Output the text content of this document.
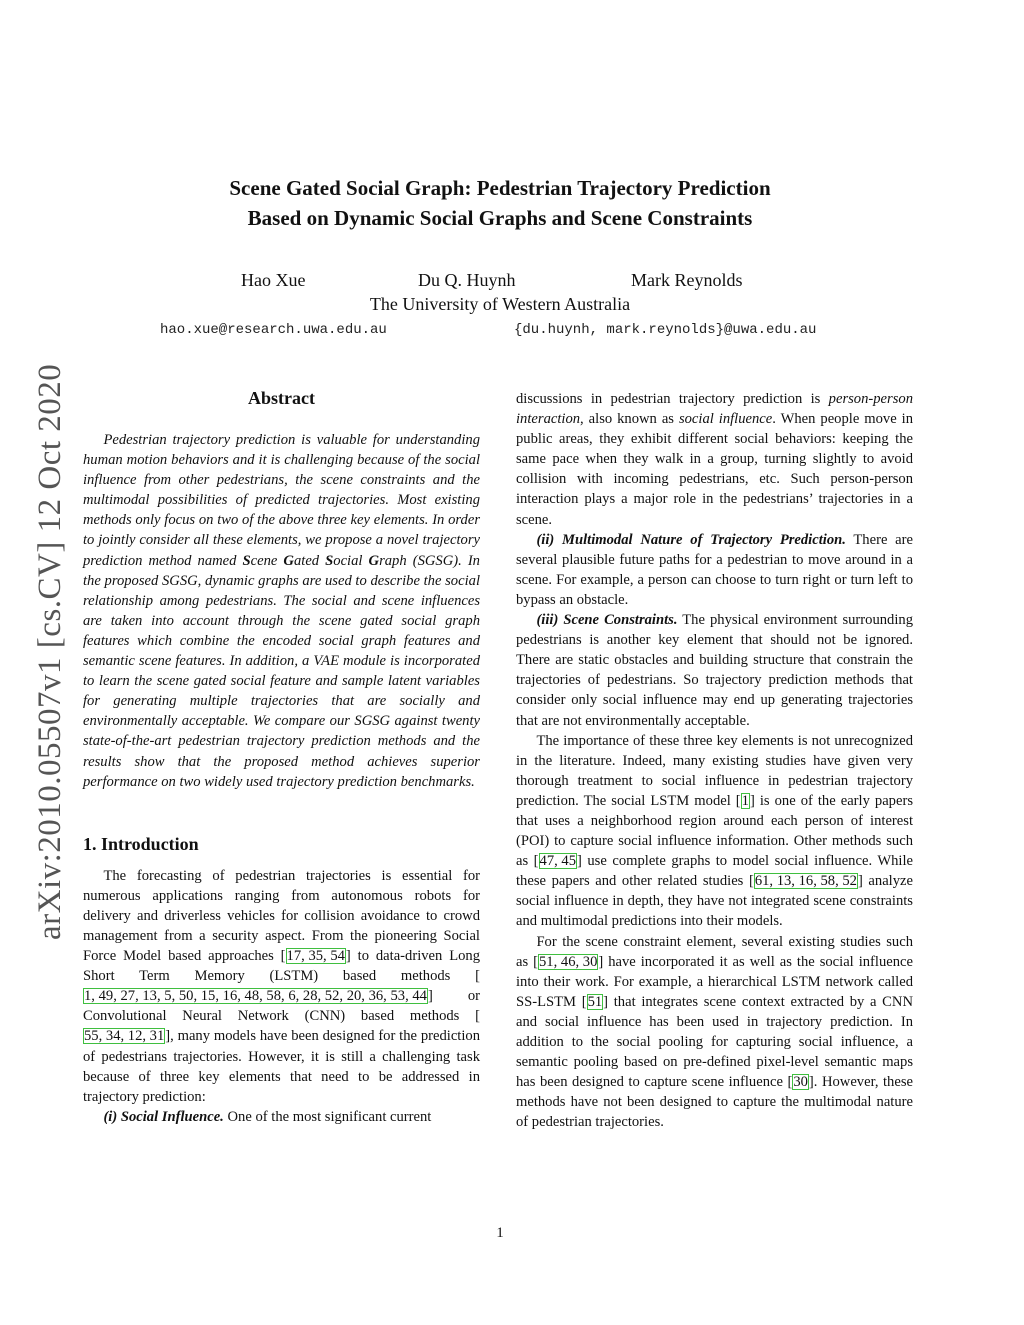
Scene Gated Social Graph: Pedestrian Trajectory Prediction
Based on Dynamic Social Graphs and Scene Constraints
Hao Xue	Du Q. Huynh	Mark Reynolds
The University of Western Australia
hao.xue@research.uwa.edu.au	{du.huynh, mark.reynolds}@uwa.edu.au
arXiv:2010.05507v1 [cs.CV] 12 Oct 2020	Abstract

Pedestrian trajectory prediction is valuable for understanding human motion behaviors and it is challenging because of the social influence from other pedestrians, the scene constraints and the multimodal possibilities of predicted trajectories. Most existing methods only focus on two of the above three key elements. In order to jointly consider all these elements, we propose a novel trajectory prediction method named Scene Gated Social Graph (SGSG). In the proposed SGSG, dynamic graphs are used to describe the social relationship among pedestrians. The social and scene influences are taken into account through the scene gated social graph features which combine the encoded social graph features and semantic scene features. In addition, a VAE module is incorporated to learn the scene gated social feature and sample latent variables for generating multiple trajectories that are socially and environmentally acceptable. We compare our SGSG against twenty state-of-the-art pedestrian trajectory prediction methods and the results show that the proposed method achieves superior performance on two widely used trajectory prediction benchmarks.

1. Introduction

The forecasting of pedestrian trajectories is essential for numerous applications ranging from autonomous robots for delivery and driverless vehicles for collision avoidance to crowd management from a security aspect. From the pioneering Social Force Model based approaches [17, 35, 54] to data-driven Long Short Term Memory (LSTM) based methods [1, 49, 27, 13, 5, 50, 15, 16, 48, 58, 6, 28, 52, 20, 36, 53, 44] or Convolutional Neural Network (CNN) based methods [55, 34, 12, 31], many models have been designed for the prediction of pedestrians trajectories. However, it is still a challenging task because of three key elements that need to be addressed in trajectory prediction:

(i) Social Influence. One of the most significant current

discussions in pedestrian trajectory prediction is person-person interaction, also known as social influence. When people move in public areas, they exhibit different social behaviors: keeping the same pace when they walk in a group, turning slightly to avoid collision with incoming pedestrians, etc. Such person-person interaction plays a major role in the pedestrians’ trajectories in a scene.

(ii) Multimodal Nature of Trajectory Prediction. There are several plausible future paths for a pedestrian to move around in a scene. For example, a person can choose to turn right or turn left to bypass an obstacle.

(iii) Scene Constraints. The physical environment surrounding pedestrians is another key element that should not be ignored. There are static obstacles and building structure that constrain the trajectories of pedestrians. So trajectory prediction methods that consider only social influence may end up generating trajectories that are not environmentally acceptable.

The importance of these three key elements is not unrecognized in the literature. Indeed, many existing studies have given very thorough treatment to social influence in pedestrian trajectory prediction. The social LSTM model [1] is one of the early papers that uses a neighborhood region around each person of interest (POI) to capture social influence information. Other methods such as [47, 45] use complete graphs to model social influence. While these papers and other related studies [61, 13, 16, 58, 52] analyze social influence in depth, they have not integrated scene constraints and multimodal predictions into their models.

For the scene constraint element, several existing studies such as [51, 46, 30] have incorporated it as well as the social influence into their work. For example, a hierarchical LSTM network called SS-LSTM [51] that integrates scene context extracted by a CNN and social influence has been used in trajectory prediction. In addition to the social pooling for capturing social influence, a semantic pooling based on pre-defined pixel-level semantic maps has been designed to capture scene influence [30]. However, these methods have not been designed to capture the multimodal nature of pedestrian trajectories.

1
